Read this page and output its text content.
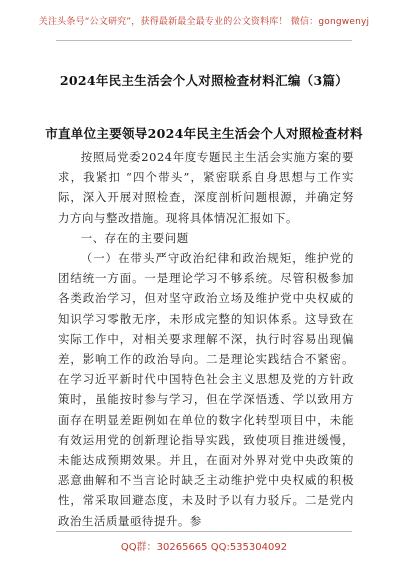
关注头条号“公文研究”，获得最新最全最专业的公文资料库！ 微信：gongwenyj
2024年民主生活会个人对照检查材料汇编（3篇）
市直单位主要领导2024年民主生活会个人对照检查材料

按照局党委2024年度专题民主生活会实施方案的要求，我紧扣 “四个带头”，紧密联系自身思想与工作实际，深入开展对照检查，深度剖析问题根源，并确定努力方向与整改措施。现将具体情况汇报如下。

一、存在的主要问题

（一）在带头严守政治纪律和政治规矩，维护党的团结统一方面。一是理论学习不够系统。尽管积极参加各类政治学习，但对坚守政治立场及维护党中央权威的知识学习零散无序，未形成完整的知识体系。这导致在实际工作中，对相关要求理解不深，执行时容易出现偏差，影响工作的政治导向。二是理论实践结合不紧密。在学习近平新时代中国特色社会主义思想及党的方针政策时，虽能按时参与学习，但在学深悟透、学以致用方面存在明显差距例如在单位的数字化转型项目中，未能有效运用党的创新理论指导实践，致使项目推进缓慢，未能达成预期效果。并且，在面对外界对党中央政策的恶意曲解和不当言论时缺乏主动维护党中央权威的积极性，常采取回避态度，未及时予以有力驳斥。二是党内政治生活质量亟待提升。参

QQ群：30265665 QQ:535304092
